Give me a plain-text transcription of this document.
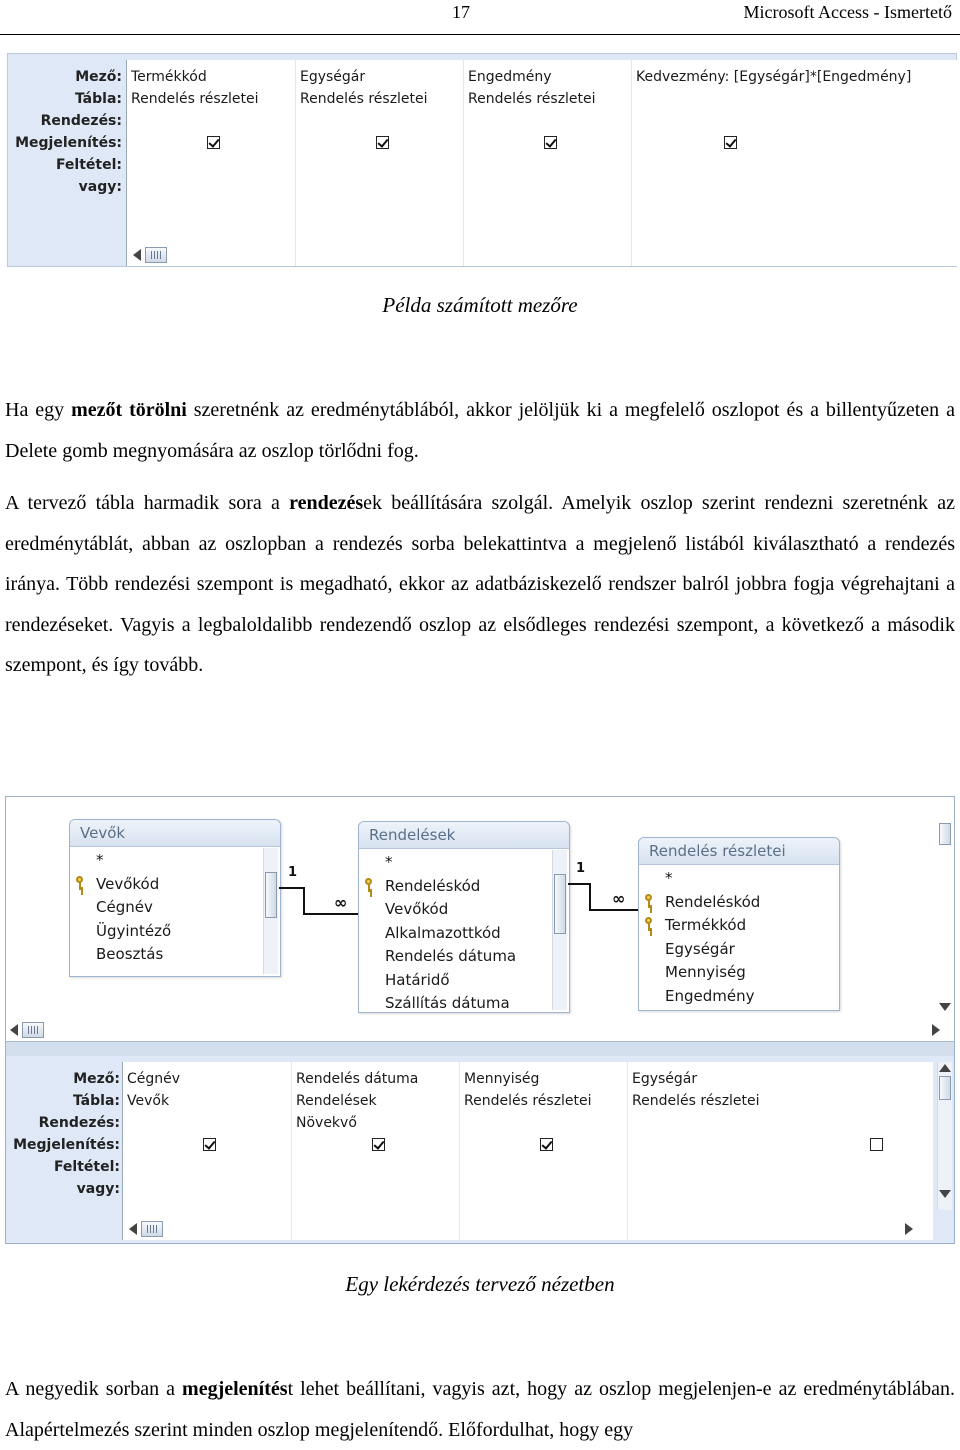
17	Microsoft Access - Ismertető
Mező:
Tábla:
Rendezés:
Megjelenítés:
Feltétel:
vagy:
Termékkód
Rendelés részletei
Egységár
Rendelés részletei
Engedmény
Rendelés részletei
Kedvezmény: [Egységár]*[Engedmény]
Példa számított mezőre
Ha egy mezőt törölni szeretnénk az eredménytáblából, akkor jelöljük ki a megfelelő oszlopot és a billentyűzeten a Delete gomb megnyomására az oszlop törlődni fog.
A tervező tábla harmadik sora a rendezések beállítására szolgál. Amelyik oszlop szerint rendezni szeretnénk az eredménytáblát, abban az oszlopban a rendezés sorba belekattintva a megjelenő listából kiválasztható a rendezés iránya. Több rendezési szempont is megadható, ekkor az adatbáziskezelő rendszer balról jobbra fogja végrehajtani a rendezéseket. Vagyis a legbaloldalibb rendezendő oszlop az elsődleges rendezési szempont, a következő a második szempont, és így tovább.
Vevők
*
Vevőkód
Cégnév
Ügyintéző
Beosztás
Rendelések
*
Rendeléskód
Vevőkód
Alkalmazottkód
Rendelés dátuma
Határidő
Szállítás dátuma
Rendelés részletei
*
Rendeléskód
Termékkód
Egységár
Mennyiség
Engedmény
1
∞
1
∞
Mező:
Tábla:
Rendezés:
Megjelenítés:
Feltétel:
vagy:
Cégnév
Vevők
Rendelés dátuma
Rendelések
Növekvő
Mennyiség
Rendelés részletei
Egységár
Rendelés részletei
Egy lekérdezés tervező nézetben
A negyedik sorban a megjelenítést lehet beállítani, vagyis azt, hogy az oszlop megjelenjen-e az eredménytáblában. Alapértelmezés szerint minden oszlop megjelenítendő. Előfordulhat, hogy egy
